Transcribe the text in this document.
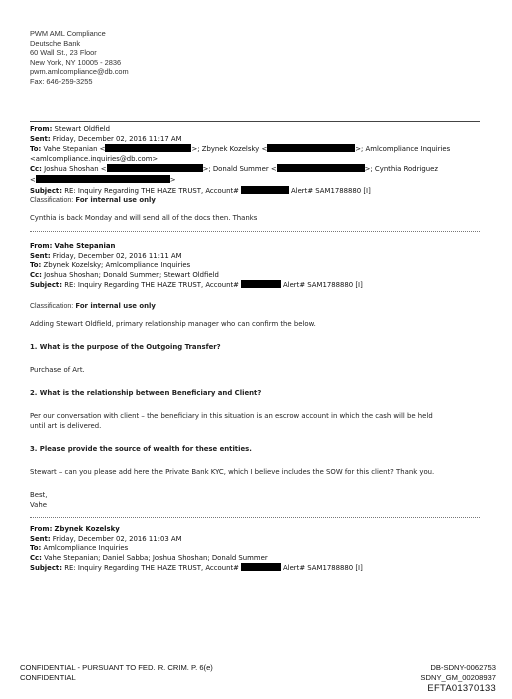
PWM AML Compliance
Deutsche Bank
60 Wall St., 23 Floor
New York, NY 10005 - 2836
pwm.amlcompliance@db.com
Fax: 646-259-3255
From: Stewart Oldfield
Sent: Friday, December 02, 2016 11:17 AM
To: Vahe Stepanian <	>; Zbynek Kozelsky <	>; Amlcompliance Inquiries
<amlcompliance.inquiries@db.com>
Cc: Joshua Shoshan <	>; Donald Summer <	>; Cynthia Rodriguez
<	>
Subject: RE: Inquiry Regarding THE HAZE TRUST, Account#	Alert# SAM1788880 [I]
Classification: For internal use only
Cynthia is back Monday and will send all of the docs then. Thanks
From: Vahe Stepanian
Sent: Friday, December 02, 2016 11:11 AM
To: Zbynek Kozelsky; Amlcompliance Inquiries
Cc: Joshua Shoshan; Donald Summer; Stewart Oldfield
Subject: RE: Inquiry Regarding THE HAZE TRUST, Account#	Alert# SAM1788880 [I]
Classification: For internal use only
Adding Stewart Oldfield, primary relationship manager who can confirm the below.
1. What is the purpose of the Outgoing Transfer?
Purchase of Art.
2. What is the relationship between Beneficiary and Client?
Per our conversation with client – the beneficiary in this situation is an escrow account in which the cash will be held
until art is delivered.
3. Please provide the source of wealth for these entities.
Stewart – can you please add here the Private Bank KYC, which I believe includes the SOW for this client? Thank you.
Best,
Vahe
From: Zbynek Kozelsky
Sent: Friday, December 02, 2016 11:03 AM
To: Amlcompliance Inquiries
Cc: Vahe Stepanian; Daniel Sabba; Joshua Shoshan; Donald Summer
Subject: RE: Inquiry Regarding THE HAZE TRUST, Account#	Alert# SAM1788880 [I]
CONFIDENTIAL - PURSUANT TO FED. R. CRIM. P. 6(e)
CONFIDENTIAL
DB-SDNY-0062753
SDNY_GM_00208937
EFTA01370133
